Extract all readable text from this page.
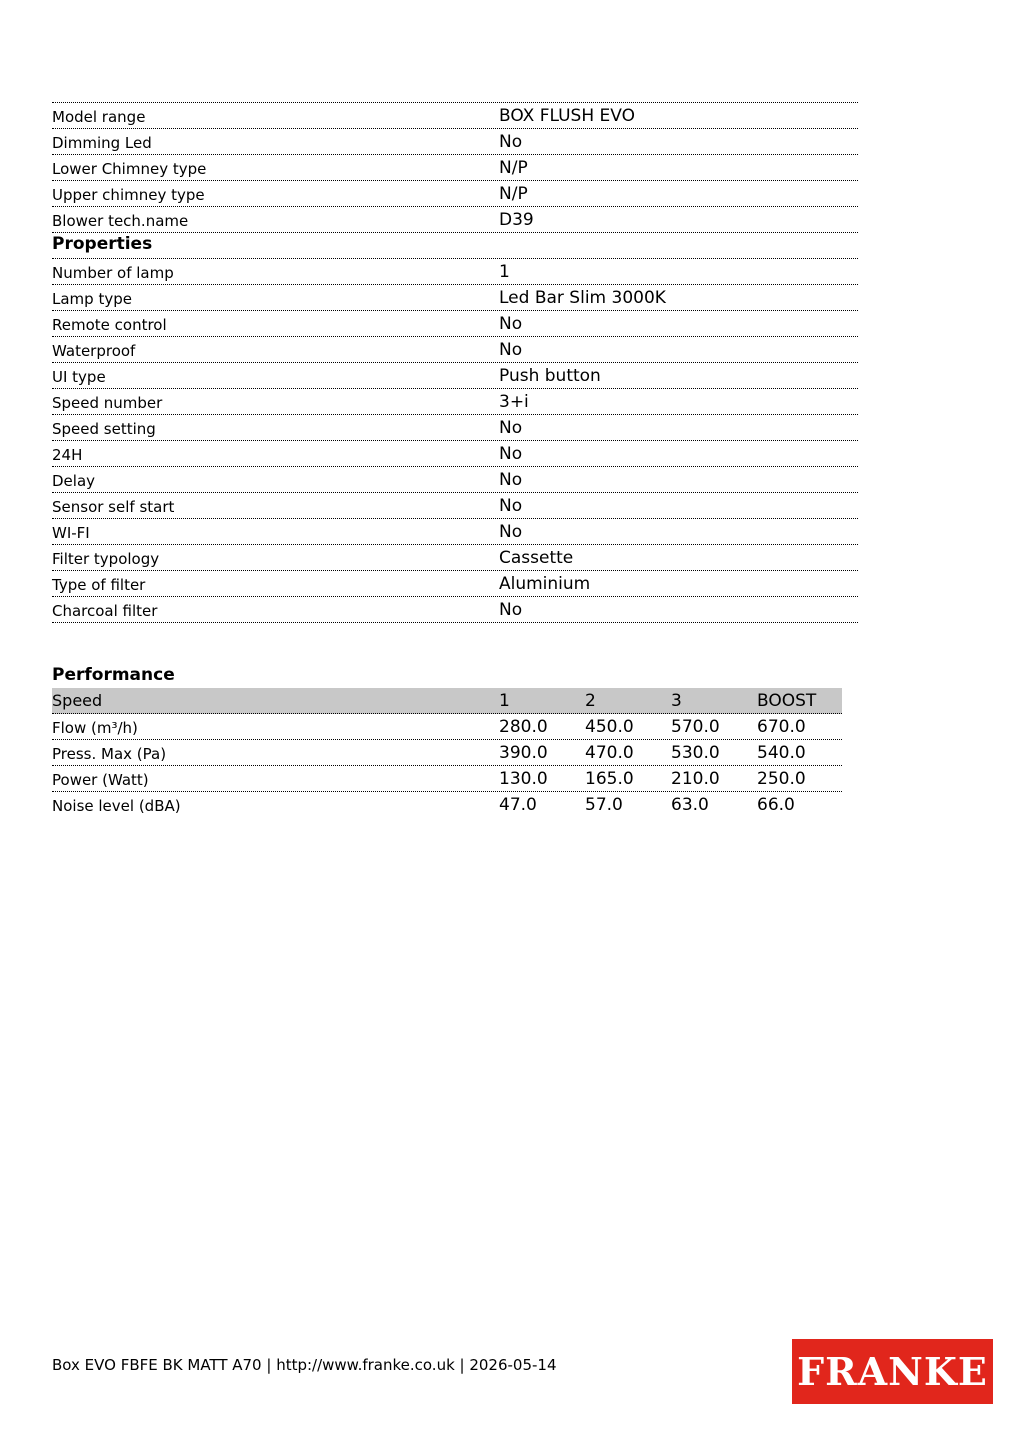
Model range	BOX FLUSH EVO
Dimming Led	No
Lower Chimney type	N/P
Upper chimney type	N/P
Blower tech.name	D39
Properties
Number of lamp	1
Lamp type	Led Bar Slim 3000K
Remote control	No
Waterproof	No
UI type	Push button
Speed number	3+i
Speed setting	No
24H	No
Delay	No
Sensor self start	No
WI-FI	No
Filter typology	Cassette
Type of filter	Aluminium
Charcoal filter	No
Performance
Speed	1	2	3	BOOST
Flow (m³/h)	280.0 450.0 570.0 670.0
Press. Max (Pa)	390.0 470.0 530.0 540.0
Power (Watt)	130.0 165.0 210.0 250.0
Noise level (dBA)	47.0	57.0	63.0	66.0
Box EVO FBFE BK MATT A70 | http://www.franke.co.uk | 2026-05-14	FRANKE
